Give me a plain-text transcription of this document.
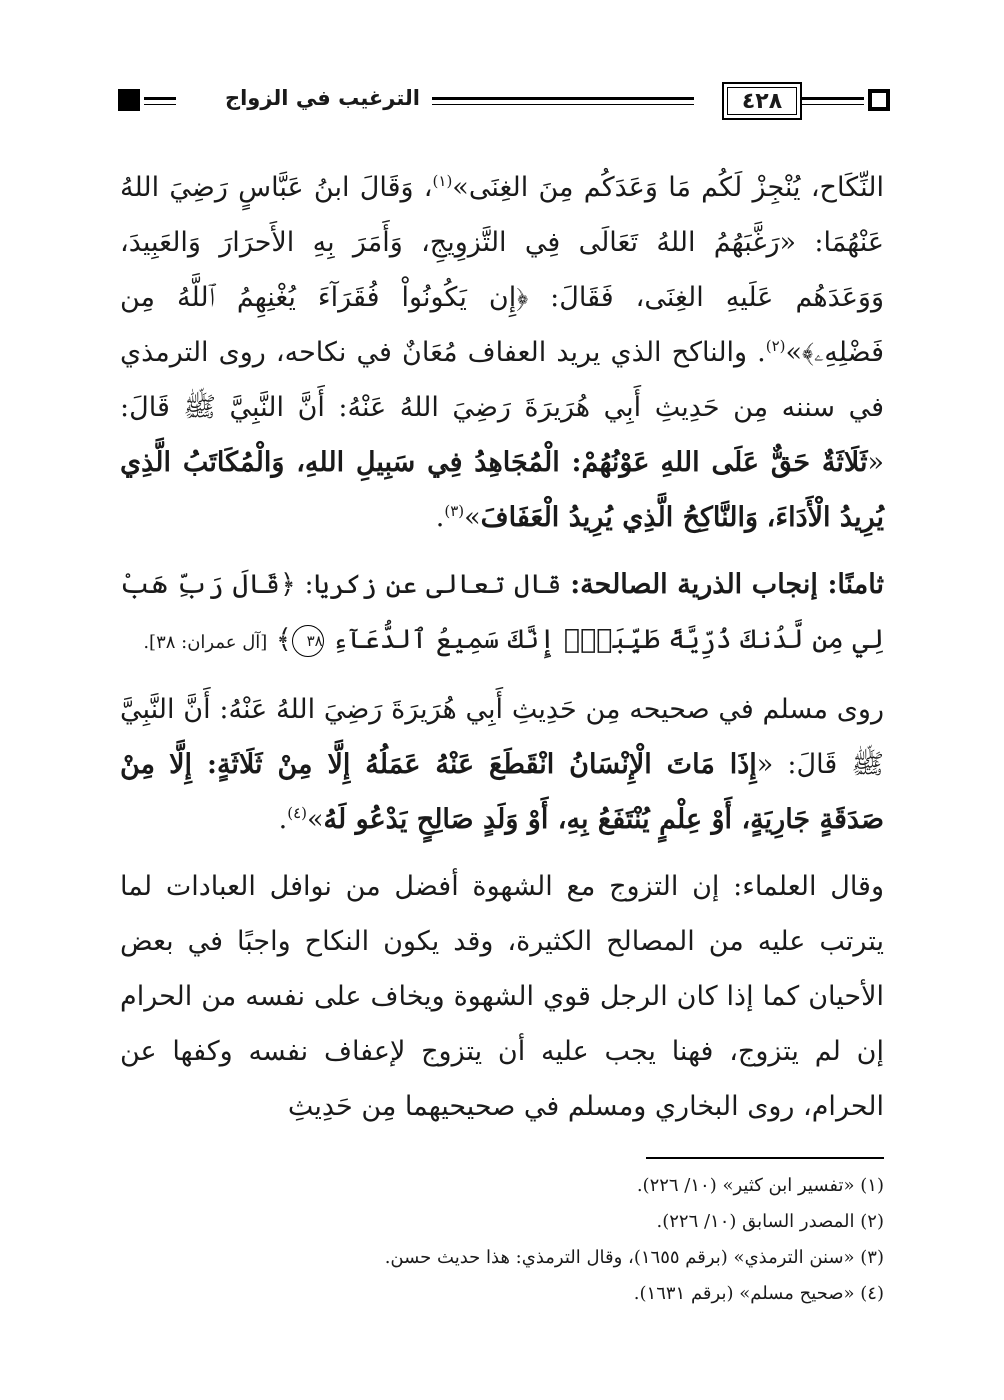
٤٢٨
الترغيب في الزواج

النِّكَاح، يُنْجِزْ لَكُم مَا وَعَدَكُم مِنَ الغِنَى»$^{(١)}$، وَقَالَ ابنُ عَبَّاسٍ رَضِيَ اللهُ عَنْهُمَا: «رَغَّبَهُمُ اللهُ تَعَالَى فِي التَّزوِيجِ، وَأَمَرَ بِهِ الأَحرَارَ وَالعَبِيدَ، وَوَعَدَهُم عَلَيهِ الغِنَى، فَقَالَ: ﴿إِن يَكُونُواْ فُقَرَآءَ يُغْنِهِمُ ٱللَّهُ مِن فَضْلِهِۦ﴾»$^{(٢)}$. والناكح الذي يريد العفاف مُعَانٌ في نكاحه، روى الترمذي في سننه مِن حَدِيثِ أَبِي هُرَيرَةَ رَضِيَ اللهُ عَنْهُ: أَنَّ النَّبِيَّ ﷺ قَالَ: «ثَلَاثَةٌ حَقٌّ عَلَى اللهِ عَوْنُهُمْ: الْمُجَاهِدُ فِي سَبِيلِ اللهِ، وَالْمُكَاتَبُ الَّذِي يُرِيدُ الْأَدَاءَ، وَالنَّاكِحُ الَّذِي يُرِيدُ الْعَفَافَ»$^{(٣)}$.

ثامنًا: إنجاب الذرية الصالحة: قال تعالى عن زكريا: ﴿قَالَ رَبِّ هَبْ لِي مِن لَّدُنكَ ذُرِّيَّةً طَيِّبَةًۖ إِنَّكَ سَمِيعُ ٱلدُّعَآءِ ٣٨﴾ [آل عمران: ٣٨].

روى مسلم في صحيحه مِن حَدِيثِ أَبِي هُرَيرَةَ رَضِيَ اللهُ عَنْهُ: أَنَّ النَّبِيَّ ﷺ قَالَ: «إِذَا مَاتَ الْإِنْسَانُ انْقَطَعَ عَنْهُ عَمَلُهُ إِلَّا مِنْ ثَلَاثَةٍ: إِلَّا مِنْ صَدَقَةٍ جَارِيَةٍ، أَوْ عِلْمٍ يُنْتَفَعُ بِهِ، أَوْ وَلَدٍ صَالِحٍ يَدْعُو لَهُ»$^{(٤)}$.

وقال العلماء: إن التزوج مع الشهوة أفضل من نوافل العبادات لما يترتب عليه من المصالح الكثيرة، وقد يكون النكاح واجبًا في بعض الأحيان كما إذا كان الرجل قوي الشهوة ويخاف على نفسه من الحرام إن لم يتزوج، فهنا يجب عليه أن يتزوج لإعفاف نفسه وكفها عن الحرام، روى البخاري ومسلم في صحيحيهما مِن حَدِيثِ

(١) «تفسير ابن كثير» (١٠/ ٢٢٦).
(٢) المصدر السابق (١٠/ ٢٢٦).
(٣) «سنن الترمذي» (برقم ١٦٥٥)، وقال الترمذي: هذا حديث حسن.
(٤) «صحيح مسلم» (برقم ١٦٣١).
